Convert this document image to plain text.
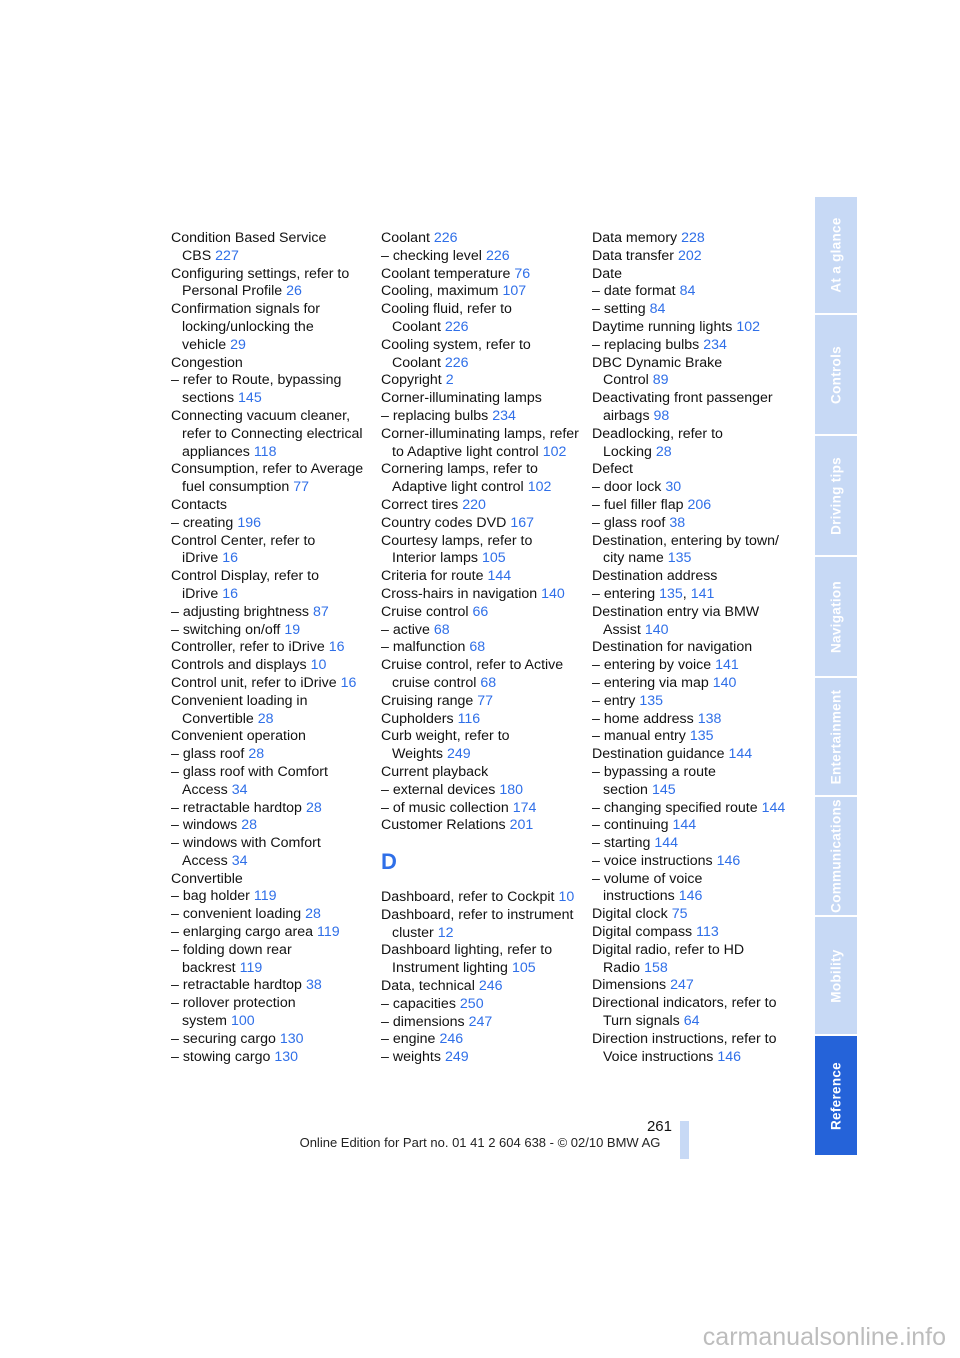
Condition Based Service CBS 227

Configuring settings, refer to Personal Profile 26

Confirmation signals for locking/unlocking the vehicle 29

Congestion

– refer to Route, bypassing sections 145

Connecting vacuum cleaner, refer to Connecting electrical appliances 118

Consumption, refer to Average fuel consumption 77

Contacts

– creating 196

Control Center, refer to iDrive 16

Control Display, refer to iDrive 16

– adjusting brightness 87

– switching on/off 19

Controller, refer to iDrive 16

Controls and displays 10

Control unit, refer to iDrive 16

Convenient loading in Convertible 28

Convenient operation

– glass roof 28

– glass roof with Comfort Access 34

– retractable hardtop 28

– windows 28

– windows with Comfort Access 34

Convertible

– bag holder 119

– convenient loading 28

– enlarging cargo area 119

– folding down rear backrest 119

– retractable hardtop 38

– rollover protection system 100

– securing cargo 130

– stowing cargo 130

Coolant 226

– checking level 226

Coolant temperature 76

Cooling, maximum 107

Cooling fluid, refer to Coolant 226

Cooling system, refer to Coolant 226

Copyright 2

Corner-illuminating lamps

– replacing bulbs 234

Corner-illuminating lamps, refer to Adaptive light control 102

Cornering lamps, refer to Adaptive light control 102

Correct tires 220

Country codes DVD 167

Courtesy lamps, refer to Interior lamps 105

Criteria for route 144

Cross-hairs in navigation 140

Cruise control 66

– active 68

– malfunction 68

Cruise control, refer to Active cruise control 68

Cruising range 77

Cupholders 116

Curb weight, refer to Weights 249

Current playback

– external devices 180

– of music collection 174

Customer Relations 201

D

Dashboard, refer to Cockpit 10

Dashboard, refer to instrument cluster 12

Dashboard lighting, refer to Instrument lighting 105

Data, technical 246

– capacities 250

– dimensions 247

– engine 246

– weights 249

Data memory 228

Data transfer 202

Date

– date format 84

– setting 84

Daytime running lights 102

– replacing bulbs 234

DBC Dynamic Brake Control 89

Deactivating front passenger airbags 98

Deadlocking, refer to Locking 28

Defect

– door lock 30

– fuel filler flap 206

– glass roof 38

Destination, entering by town/ city name 135

Destination address

– entering 135, 141

Destination entry via BMW Assist 140

Destination for navigation

– entering by voice 141

– entering via map 140

– entry 135

– home address 138

– manual entry 135

Destination guidance 144

– bypassing a route section 145

– changing specified route 144

– continuing 144

– starting 144

– voice instructions 146

– volume of voice instructions 146

Digital clock 75

Digital compass 113

Digital radio, refer to HD Radio 158

Dimensions 247

Directional indicators, refer to Turn signals 64

Direction instructions, refer to Voice instructions 146

At a glance
Controls
Driving tips
Navigation
Entertainment
Communications
Mobility
Reference
261
Online Edition for Part no. 01 41 2 604 638 - © 02/10 BMW AG
carmanualsonline.info
